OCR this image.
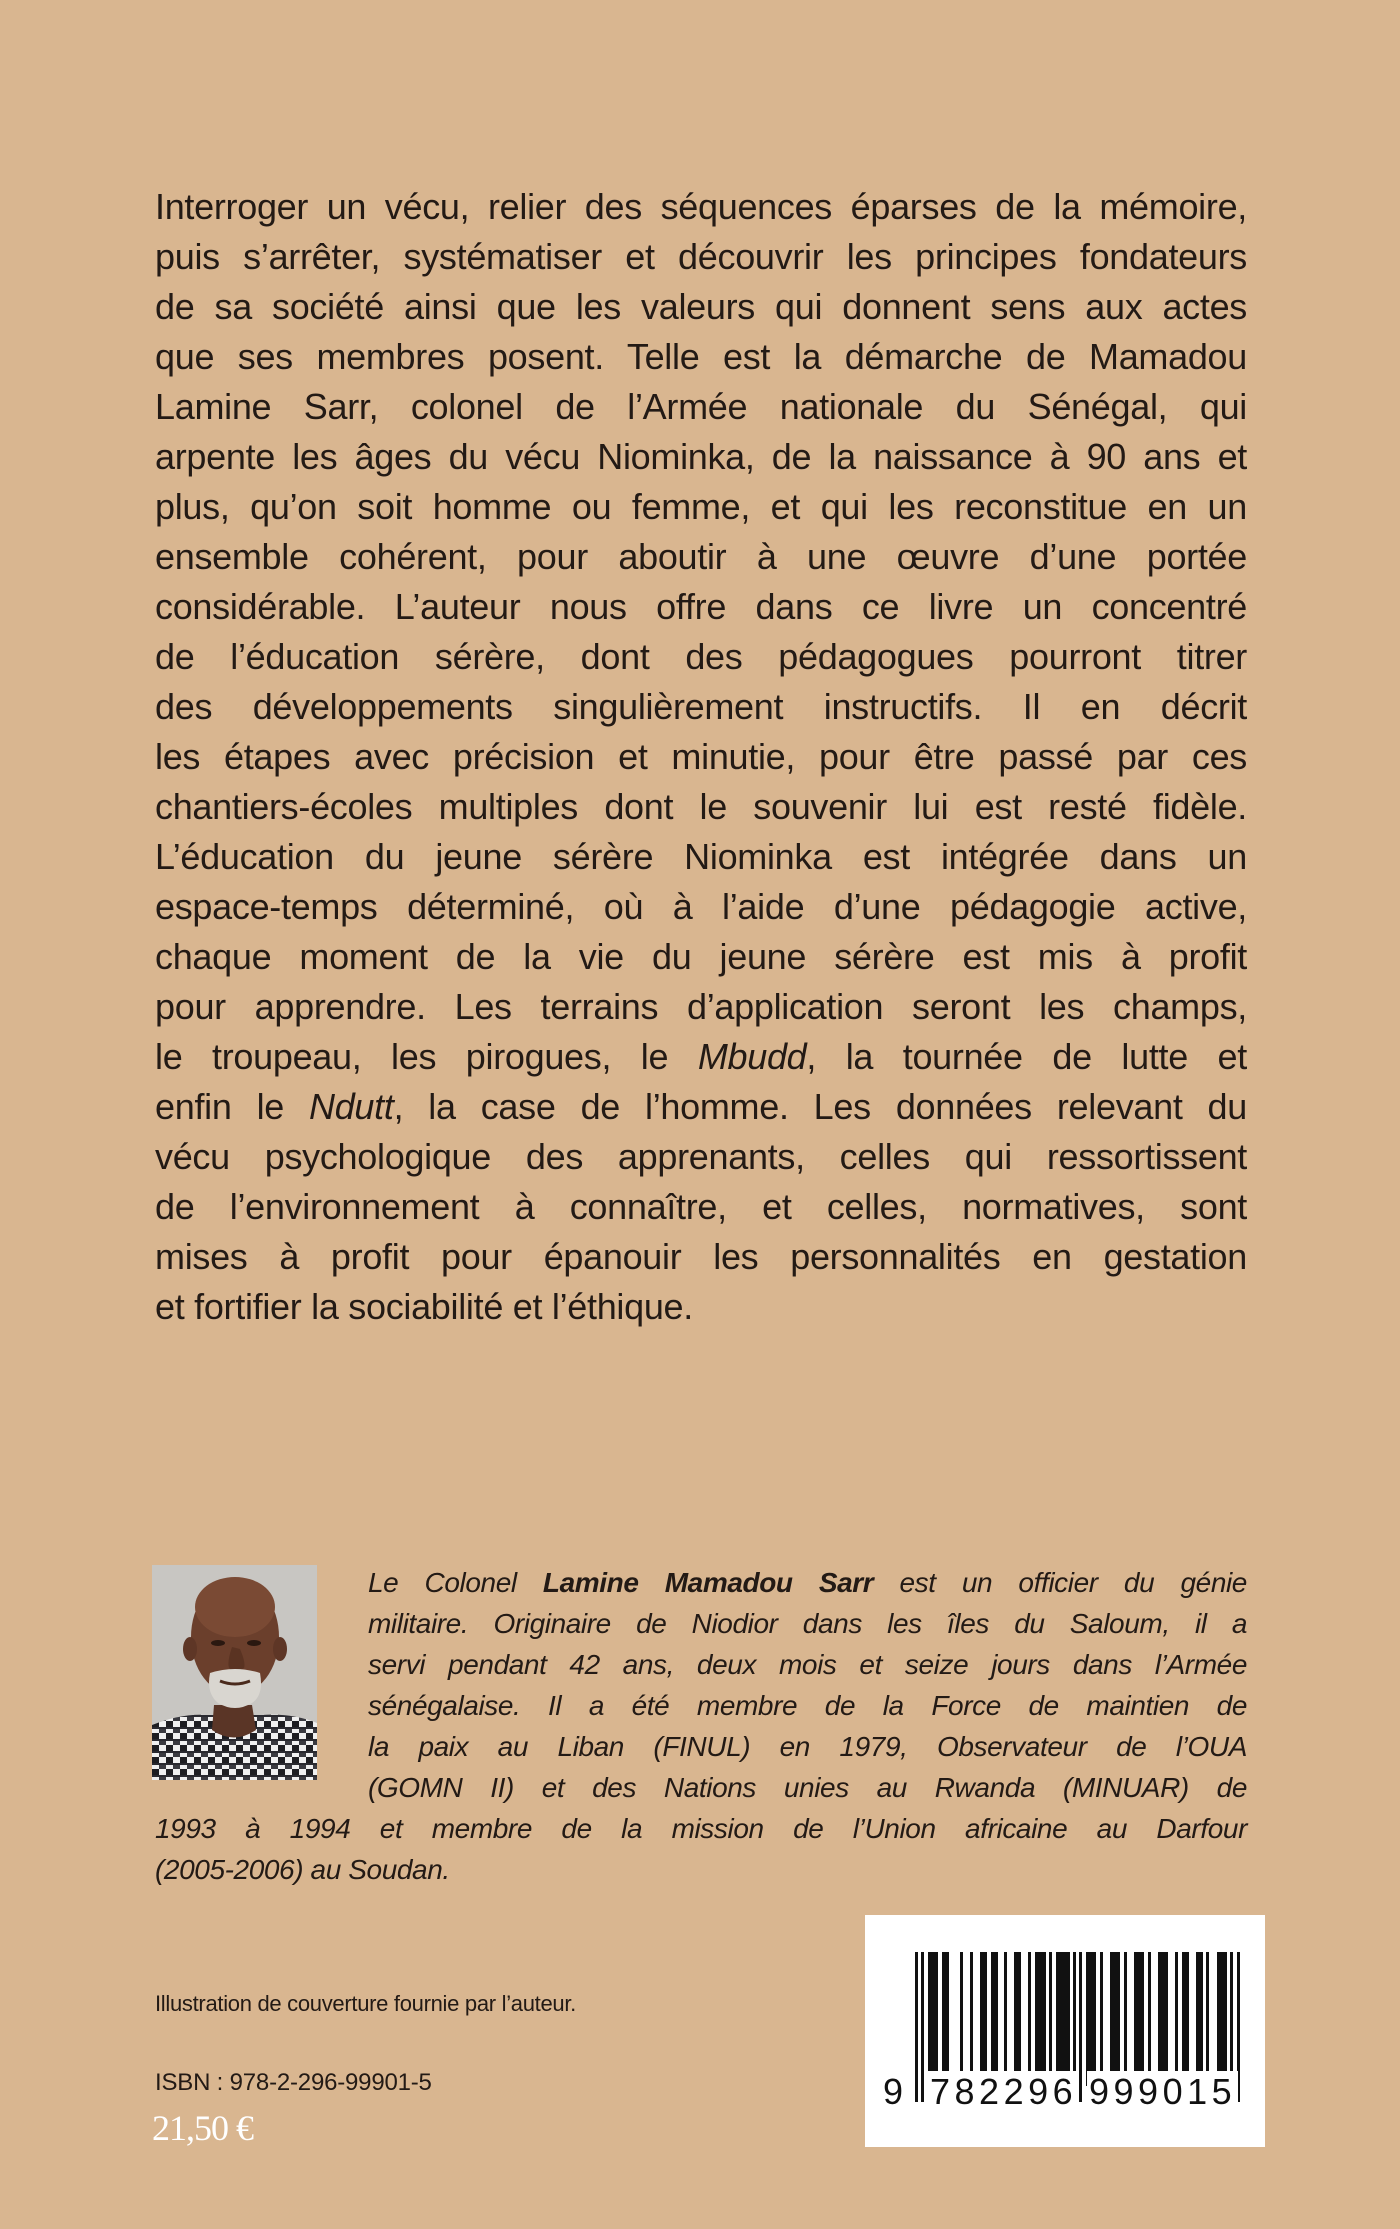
Interroger un vécu, relier des séquences éparses de la mémoire,
puis s’arrêter, systématiser et découvrir les principes fondateurs
de sa société ainsi que les valeurs qui donnent sens aux actes
que ses membres posent. Telle est la démarche de Mamadou
Lamine Sarr, colonel de l’Armée nationale du Sénégal, qui
arpente les âges du vécu Niominka, de la naissance à 90 ans et
plus, qu’on soit homme ou femme, et qui les reconstitue en un
ensemble cohérent, pour aboutir à une œuvre d’une portée
considérable. L’auteur nous offre dans ce livre un concentré
de l’éducation sérère, dont des pédagogues pourront titrer
des développements singulièrement instructifs. Il en décrit
les étapes avec précision et minutie, pour être passé par ces
chantiers-écoles multiples dont le souvenir lui est resté fidèle.
L’éducation du jeune sérère Niominka est intégrée dans un
espace-temps déterminé, où à l’aide d’une pédagogie active,
chaque moment de la vie du jeune sérère est mis à profit
pour apprendre. Les terrains d’application seront les champs,
le troupeau, les pirogues, le Mbudd, la tournée de lutte et
enfin le Ndutt, la case de l’homme. Les données relevant du
vécu psychologique des apprenants, celles qui ressortissent
de l’environnement à connaître, et celles, normatives, sont
mises à profit pour épanouir les personnalités en gestation
et fortifier la sociabilité et l’éthique.
Le Colonel Lamine Mamadou Sarr est un officier du génie
militaire. Originaire de Niodior dans les îles du Saloum, il a
servi pendant 42 ans, deux mois et seize jours dans l’Armée
sénégalaise. Il a été membre de la Force de maintien de
la paix au Liban (FINUL) en 1979, Observateur de l’OUA
(GOMN II) et des Nations unies au Rwanda (MINUAR) de
1993 à 1994 et membre de la mission de l’Union africaine au Darfour
(2005-2006) au Soudan.
Illustration de couverture fournie par l’auteur.
ISBN : 978-2-296-99901-5
21,50 €
9 782296 999015
